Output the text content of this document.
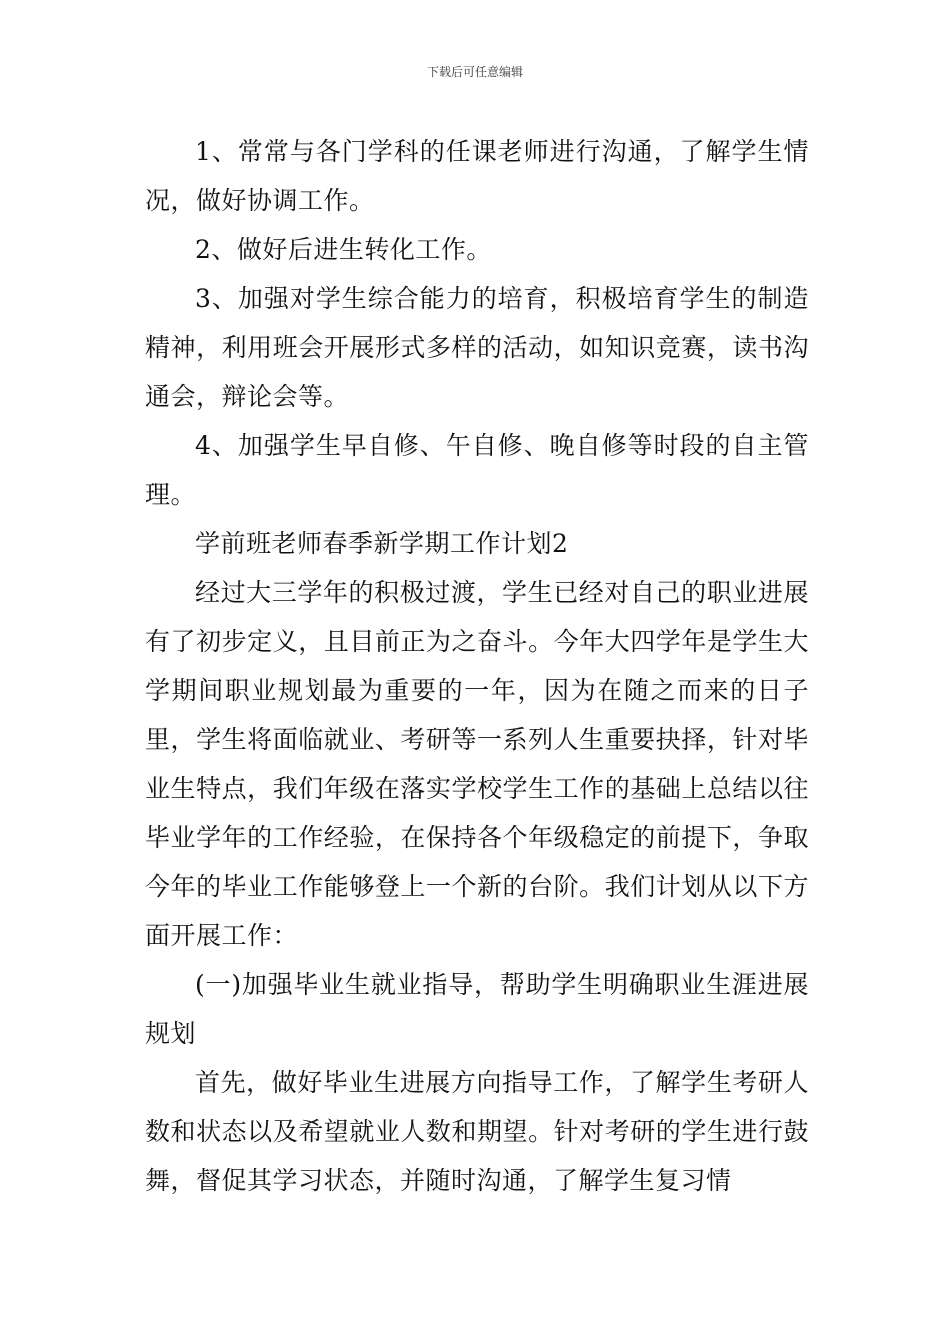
下载后可任意编辑

1、常常与各门学科的任课老师进行沟通，了解学生情况，做好协调工作。

2、做好后进生转化工作。

3、加强对学生综合能力的培育，积极培育学生的制造精神，利用班会开展形式多样的活动，如知识竞赛，读书沟通会，辩论会等。

4、加强学生早自修、午自修、晚自修等时段的自主管理。

学前班老师春季新学期工作计划2

经过大三学年的积极过渡，学生已经对自己的职业进展有了初步定义，且目前正为之奋斗。今年大四学年是学生大学期间职业规划最为重要的一年，因为在随之而来的日子里，学生将面临就业、考研等一系列人生重要抉择，针对毕业生特点，我们年级在落实学校学生工作的基础上总结以往毕业学年的工作经验，在保持各个年级稳定的前提下，争取今年的毕业工作能够登上一个新的台阶。我们计划从以下方面开展工作：

(一)加强毕业生就业指导，帮助学生明确职业生涯进展规划

首先，做好毕业生进展方向指导工作，了解学生考研人数和状态以及希望就业人数和期望。针对考研的学生进行鼓舞，督促其学习状态，并随时沟通，了解学生复习情
